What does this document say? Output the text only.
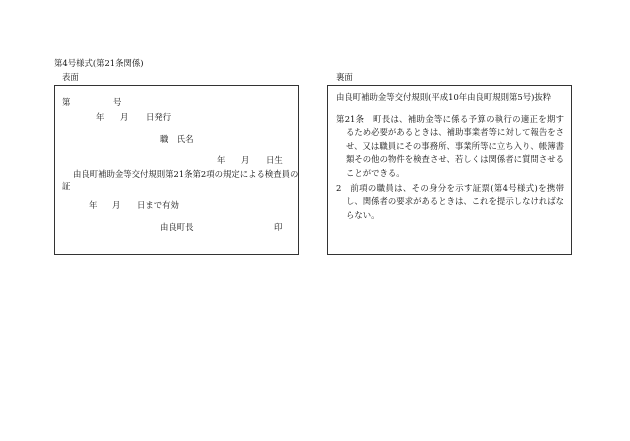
第4号様式(第21条関係)
表面	裏面
第	号
年 月 日発行
職　氏名
年 月 日生
由良町補助金等交付規則第21条第2項の規定による検査員の
証
年 月 日まで有効
由良町長	印
由良町補助金等交付規則(平成10年由良町規則第5号)抜粋
第21条　町長は、補助金等に係る予算の執行の適正を期するため必要があるときは、補助事業者等に対して報告をさせ、又は職員にその事務所、事業所等に立ち入り、帳簿書類その他の物件を検査させ、若しくは関係者に質問させることができる。
2　前項の職員は、その身分を示す証票(第4号様式)を携帯し、関係者の要求があるときは、これを提示しなければならない。
